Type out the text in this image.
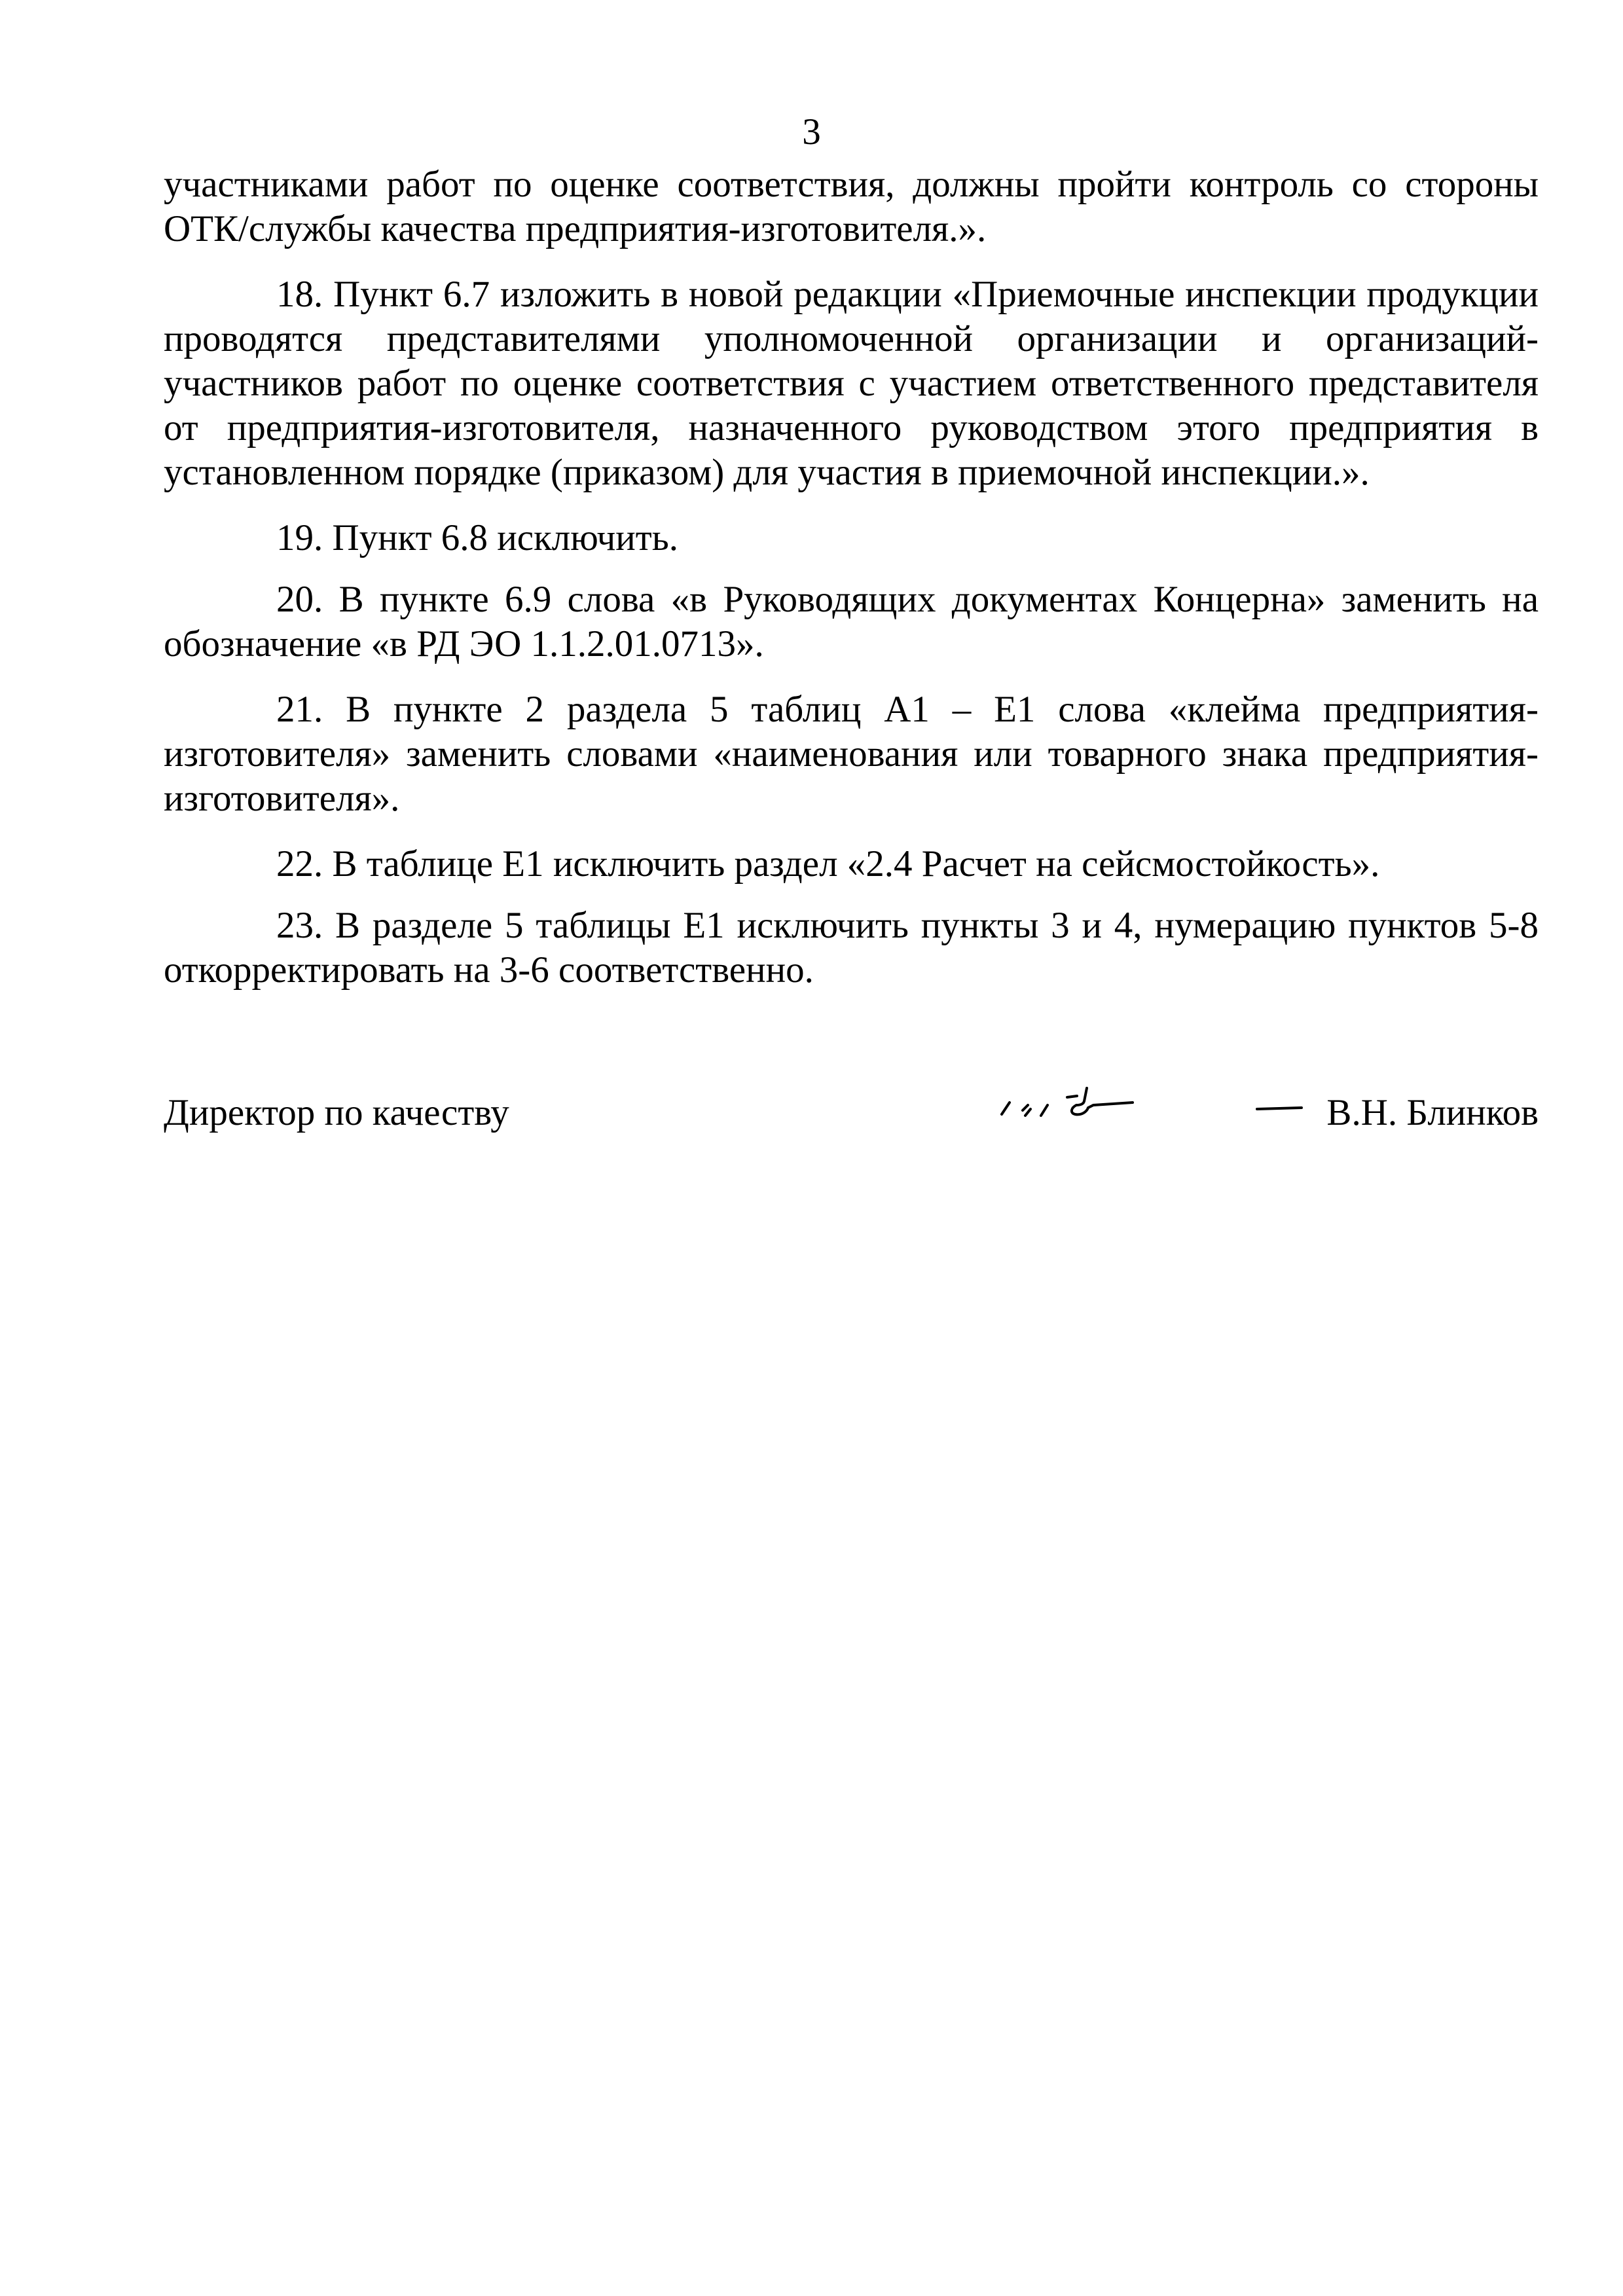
3

участниками работ по оценке соответствия, должны пройти контроль со стороны ОТК/службы качества предприятия-изготовителя.».

18. Пункт 6.7 изложить в новой редакции «Приемочные инспекции продукции проводятся представителями уполномоченной организации и организаций-участников работ по оценке соответствия с участием ответственного представителя от предприятия-изготовителя, назначенного руководством этого предприятия в установленном порядке (приказом) для участия в приемочной инспекции.».

19. Пункт 6.8 исключить.

20. В пункте 6.9 слова «в Руководящих документах Концерна» заменить на обозначение «в РД ЭО 1.1.2.01.0713».

21. В пункте 2 раздела 5 таблиц А1 – Е1 слова «клейма предприятия-изготовителя» заменить словами «наименования или товарного знака предприятия-изготовителя».

22. В таблице Е1 исключить раздел «2.4 Расчет на сейсмостойкость».

23. В разделе 5 таблицы Е1 исключить пункты 3 и 4, нумерацию пунктов 5-8 откорректировать на 3-6 соответственно.

Директор по качеству	В.Н. Блинков
